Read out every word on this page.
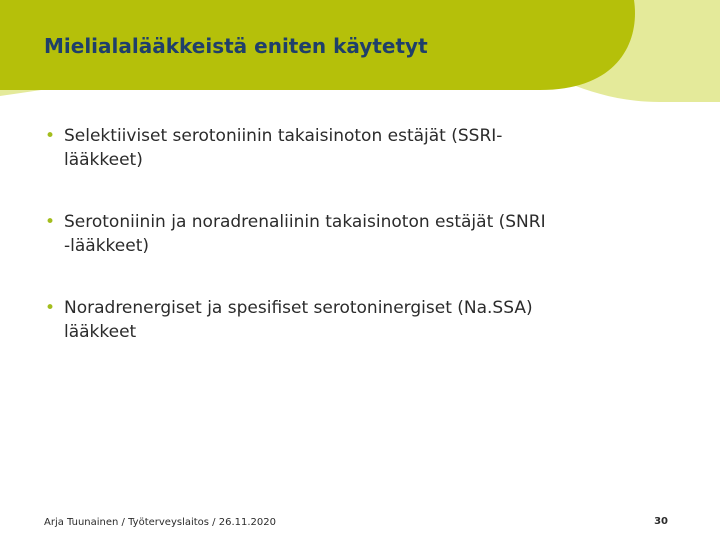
Mielialalääkkeistä eniten käytetyt
• Selektiiviset serotoniinin takaisinoton estäjät (SSRI-
lääkkeet)
• Serotoniinin ja noradrenaliinin takaisinoton estäjät (SNRI
-lääkkeet)
• Noradrenergiset ja spesifiset serotoninergiset (Na.SSA)
lääkkeet
Arja Tuunainen / Työterveyslaitos / 26.11.2020	30
